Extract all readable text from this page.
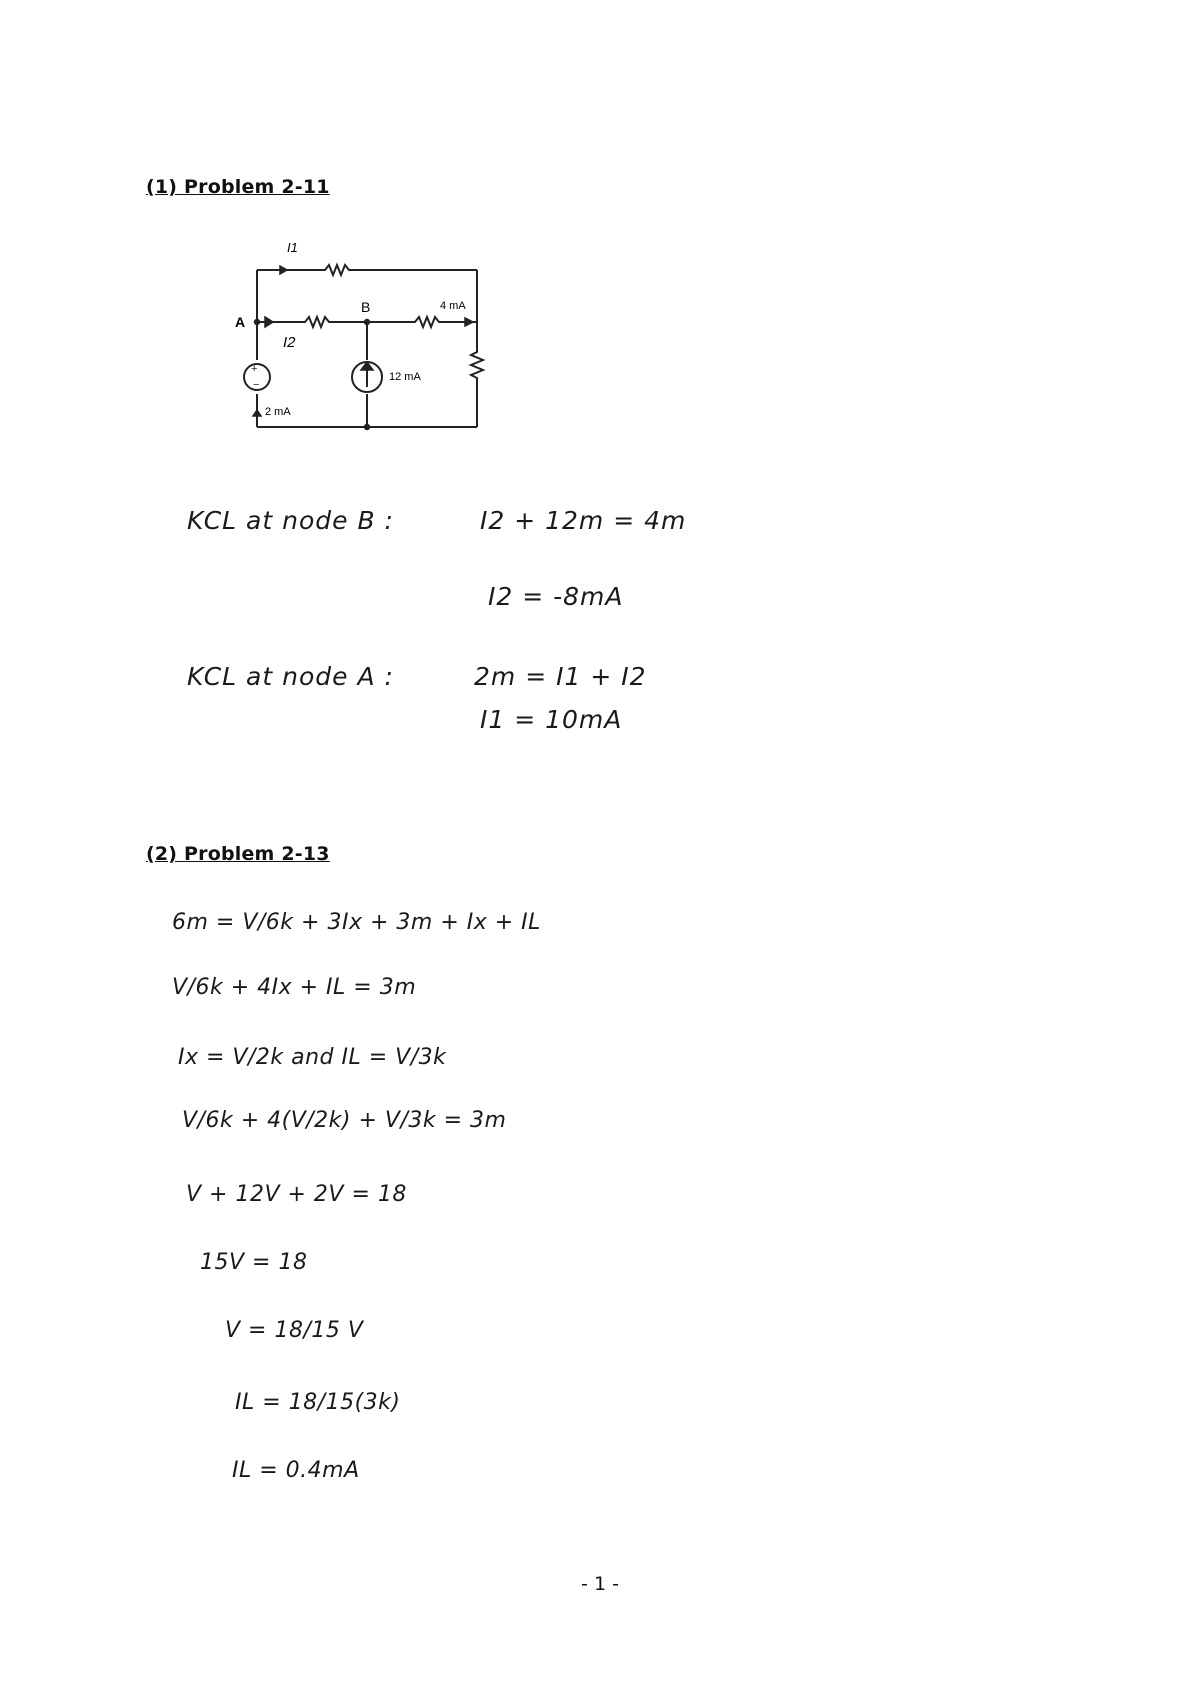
(1) Problem 2-11
+
−
I1
A
B
I2
4 mA
12 mA
2 mA
KCL at node B :	I2 + 12m = 4m
I2 = -8mA
KCL at node A :	2m = I1 + I2
I1 = 10mA
(2) Problem 2-13
6m = V/6k + 3Ix + 3m + Ix + IL
V/6k + 4Ix + IL = 3m
Ix = V/2k and IL = V/3k
V/6k + 4(V/2k) + V/3k = 3m
V + 12V + 2V = 18
15V = 18
V = 18/15 V
IL = 18/15(3k)
IL = 0.4mA
- 1 -
